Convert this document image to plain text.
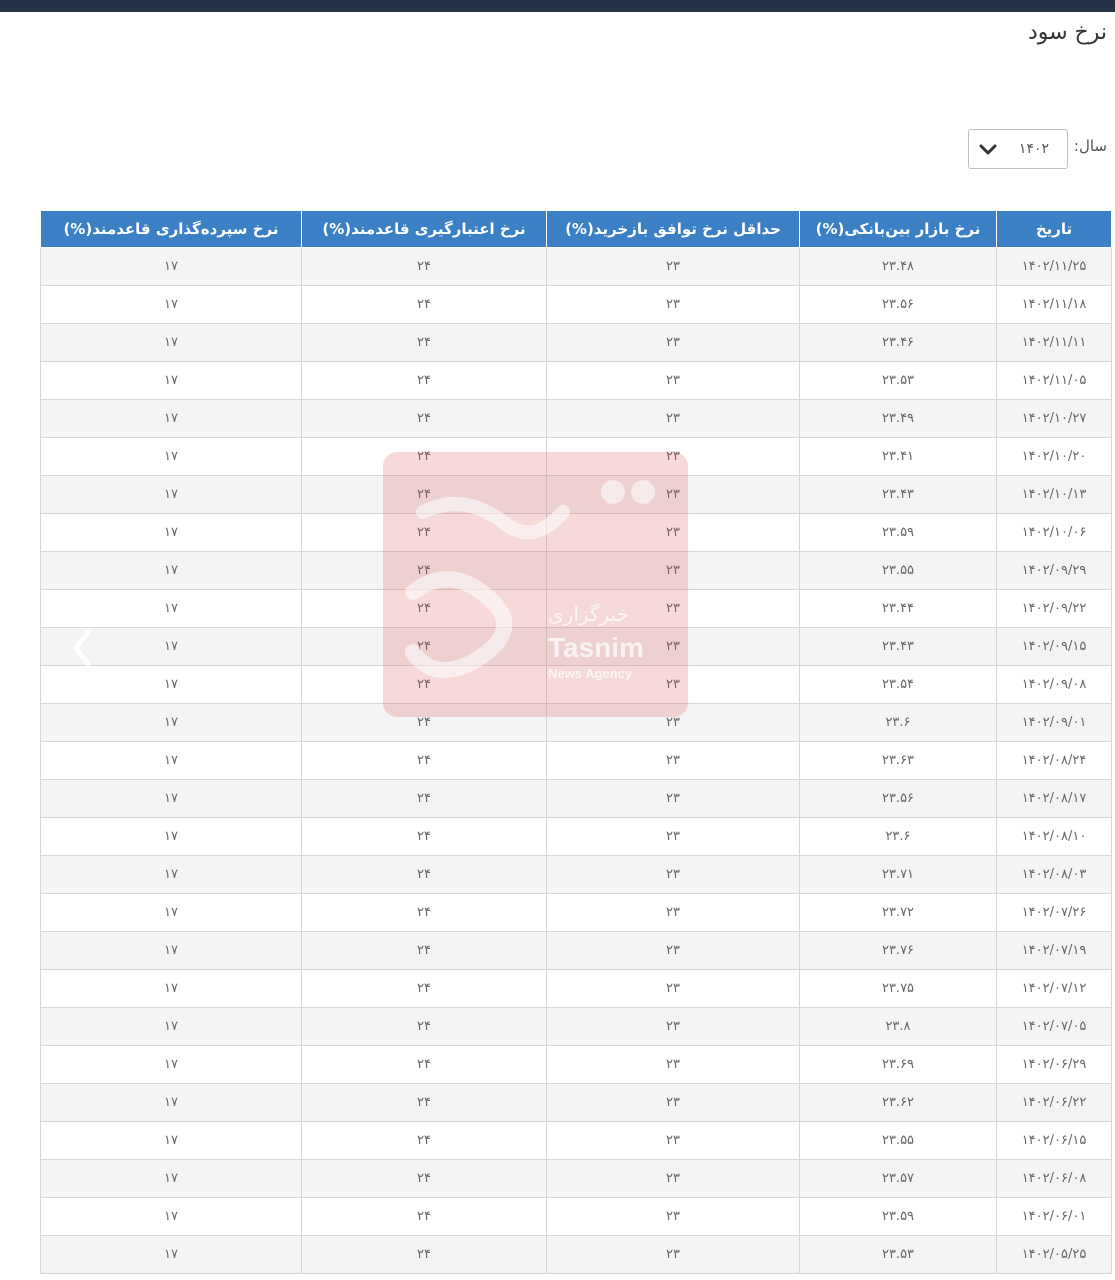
نرخ سود
سال:
۱۴۰۲
تاریخ	نرخ بازار بین‌بانکی(%)	حداقل نرخ توافق بازخرید(%)	نرخ اعتبارگیری قاعدمند(%)	نرخ سپرده‌گذاری قاعدمند(%)
۱۴۰۲/۱۱/۲۵	۲۳.۴۸	۲۳	۲۴	۱۷
۱۴۰۲/۱۱/۱۸	۲۳.۵۶	۲۳	۲۴	۱۷
۱۴۰۲/۱۱/۱۱	۲۳.۴۶	۲۳	۲۴	۱۷
۱۴۰۲/۱۱/۰۵	۲۳.۵۳	۲۳	۲۴	۱۷
۱۴۰۲/۱۰/۲۷	۲۳.۴۹	۲۳	۲۴	۱۷
۱۴۰۲/۱۰/۲۰	۲۳.۴۱	۲۳	۲۴	۱۷
۱۴۰۲/۱۰/۱۳	۲۳.۴۳	۲۳	۲۴	۱۷
۱۴۰۲/۱۰/۰۶	۲۳.۵۹	۲۳	۲۴	۱۷
۱۴۰۲/۰۹/۲۹	۲۳.۵۵	۲۳	۲۴	۱۷
۱۴۰۲/۰۹/۲۲	۲۳.۴۴	۲۳	۲۴	۱۷
۱۴۰۲/۰۹/۱۵	۲۳.۴۳	۲۳	۲۴	۱۷
۱۴۰۲/۰۹/۰۸	۲۳.۵۴	۲۳	۲۴	۱۷
۱۴۰۲/۰۹/۰۱	۲۳.۶	۲۳	۲۴	۱۷
۱۴۰۲/۰۸/۲۴	۲۳.۶۳	۲۳	۲۴	۱۷
۱۴۰۲/۰۸/۱۷	۲۳.۵۶	۲۳	۲۴	۱۷
۱۴۰۲/۰۸/۱۰	۲۳.۶	۲۳	۲۴	۱۷
۱۴۰۲/۰۸/۰۳	۲۳.۷۱	۲۳	۲۴	۱۷
۱۴۰۲/۰۷/۲۶	۲۳.۷۲	۲۳	۲۴	۱۷
۱۴۰۲/۰۷/۱۹	۲۳.۷۶	۲۳	۲۴	۱۷
۱۴۰۲/۰۷/۱۲	۲۳.۷۵	۲۳	۲۴	۱۷
۱۴۰۲/۰۷/۰۵	۲۳.۸	۲۳	۲۴	۱۷
۱۴۰۲/۰۶/۲۹	۲۳.۶۹	۲۳	۲۴	۱۷
۱۴۰۲/۰۶/۲۲	۲۳.۶۲	۲۳	۲۴	۱۷
۱۴۰۲/۰۶/۱۵	۲۳.۵۵	۲۳	۲۴	۱۷
۱۴۰۲/۰۶/۰۸	۲۳.۵۷	۲۳	۲۴	۱۷
۱۴۰۲/۰۶/۰۱	۲۳.۵۹	۲۳	۲۴	۱۷
۱۴۰۲/۰۵/۲۵	۲۳.۵۳	۲۳	۲۴	۱۷
خبرگزاری
Tasnim
News Agency
